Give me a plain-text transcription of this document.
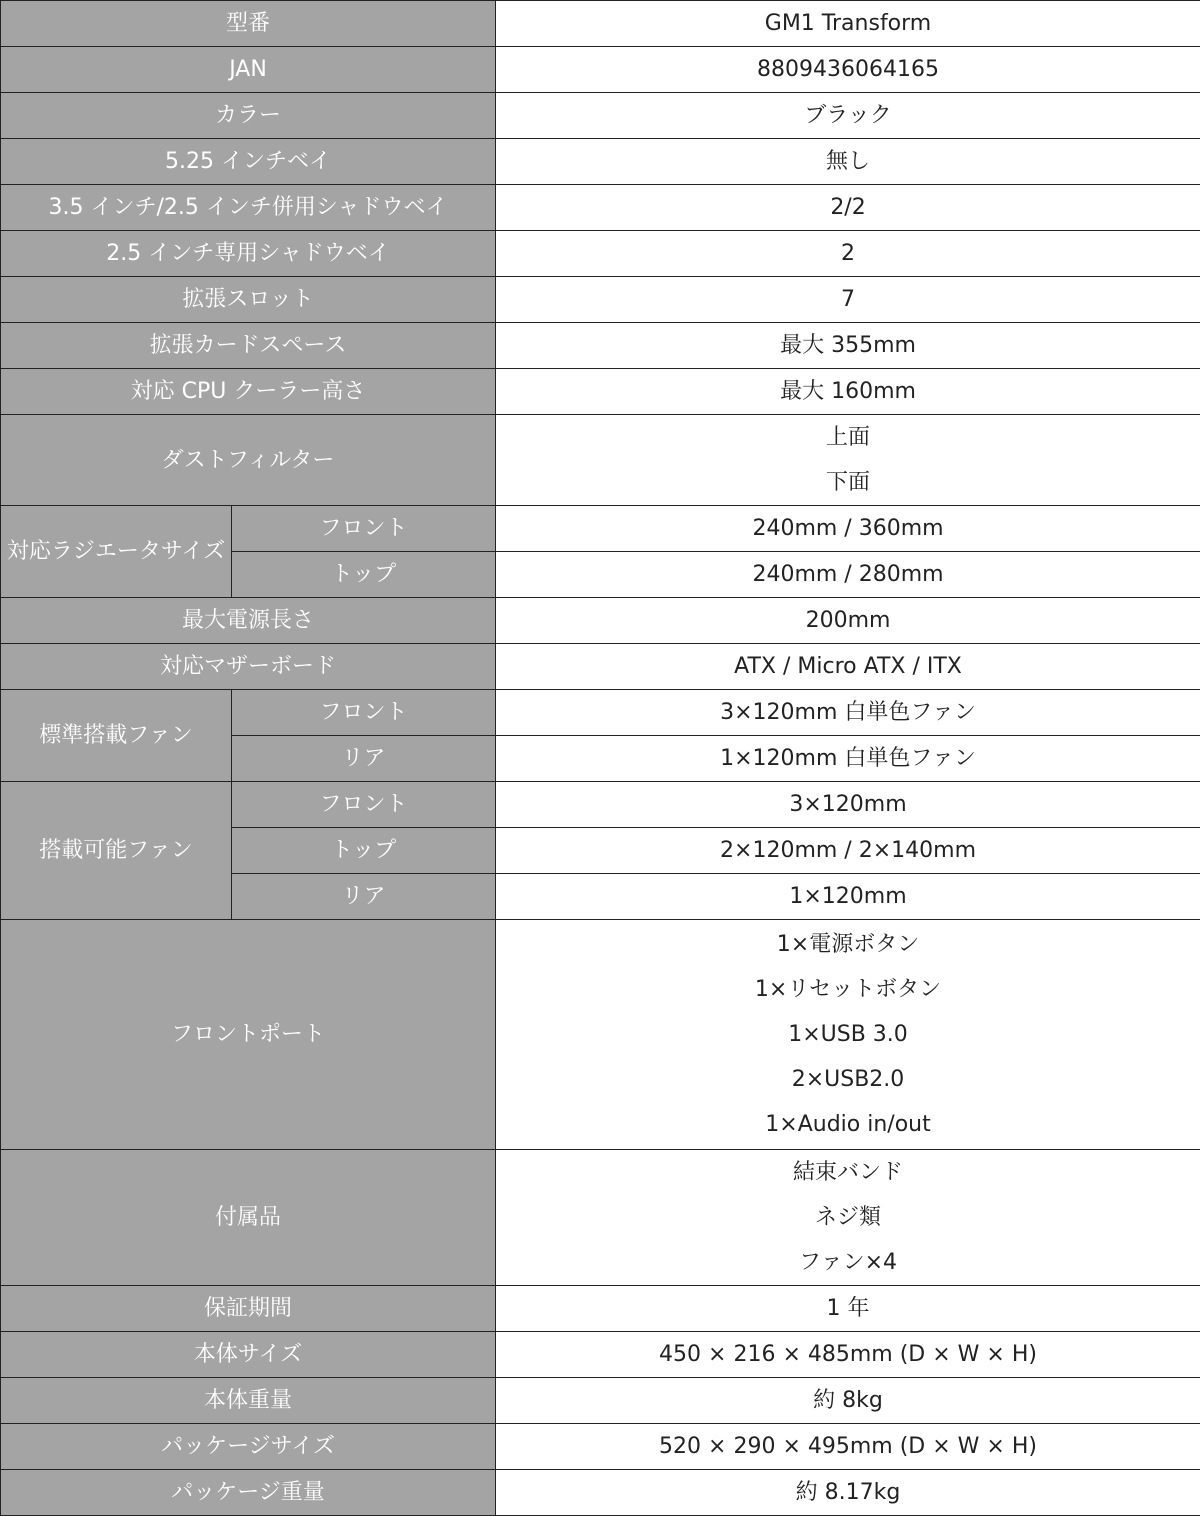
型番		GM1 Transform
JAN		8809436064165
カラー		ブラック
5.25 インチベイ		無し
3.5 インチ/2.5 インチ併用シャドウベイ		2/2
2.5 インチ専用シャドウベイ		2
拡張スロット		7
拡張カードスペース		最大 355mm
対応 CPU クーラー高さ		最大 160mm
ダストフィルター		上面
下面

対応ラジエータサイズ	フロント	240mm / 360mm
	トップ	240mm / 280mm
最大電源長さ		200mm
対応マザーボード		ATX / Micro ATX / ITX
標準搭載ファン	フロント	3×120mm 白単色ファン
	リア	1×120mm 白単色ファン
搭載可能ファン	フロント	3×120mm
	トップ	2×120mm / 2×140mm
	リア	1×120mm
フロントポート		1×電源ボタン
1×リセットボタン
1×USB 3.0
2×USB2.0
1×Audio in/out

付属品		結束バンド
ネジ類
ファン×4

保証期間		1 年
本体サイズ		450 × 216 × 485mm (D × W × H)
本体重量		約 8kg
パッケージサイズ		520 × 290 × 495mm (D × W × H)
パッケージ重量		約 8.17kg
